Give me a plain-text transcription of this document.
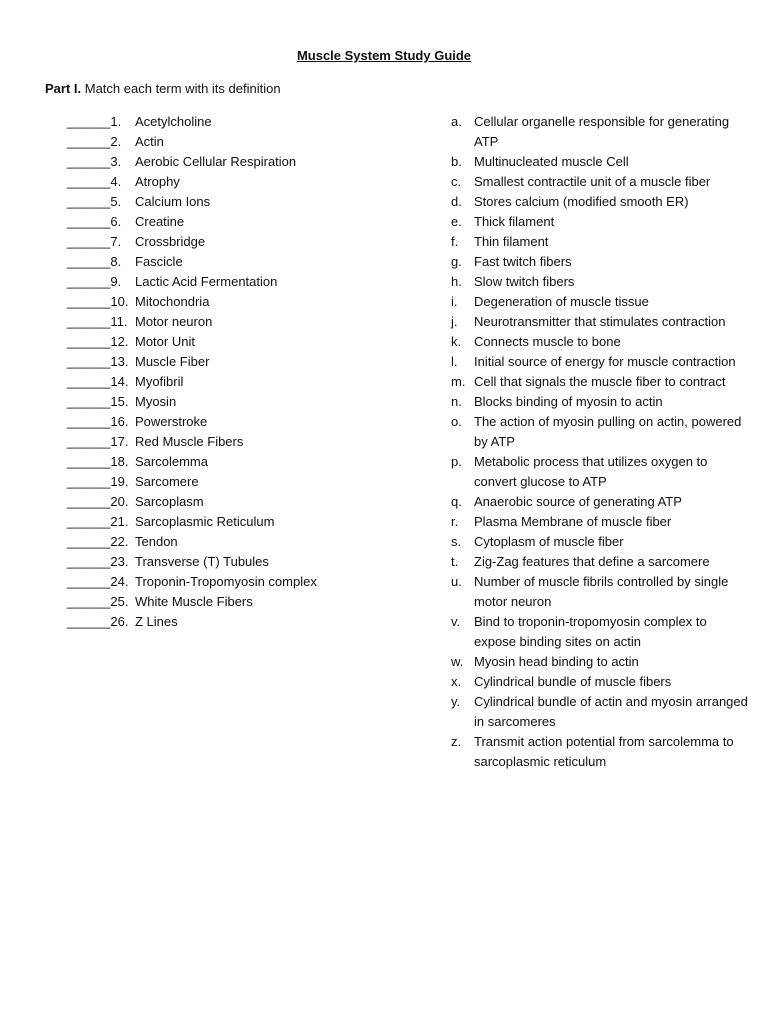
Muscle System Study Guide
Part I. Match each term with its definition
______1.	Acetylcholine
______2.	Actin
______3.	Aerobic Cellular Respiration
______4.	Atrophy
______5.	Calcium Ions
______6.	Creatine
______7.	Crossbridge
______8.	Fascicle
______9.	Lactic Acid Fermentation
______10. Mitochondria
______11. Motor neuron
______12. Motor Unit
______13. Muscle Fiber
______14. Myofibril
______15. Myosin
______16. Powerstroke
______17. Red Muscle Fibers
______18. Sarcolemma
______19. Sarcomere
______20. Sarcoplasm
______21. Sarcoplasmic Reticulum
______22. Tendon
______23. Transverse (T) Tubules
______24. Troponin-Tropomyosin complex
______25. White Muscle Fibers
______26. Z Lines
a. Cellular organelle responsible for generating ATP
b. Multinucleated muscle Cell
c. Smallest contractile unit of a muscle fiber
d. Stores calcium (modified smooth ER)
e. Thick filament
f.	Thin filament
g. Fast twitch fibers
h. Slow twitch fibers
i.	Degeneration of muscle tissue
j.	Neurotransmitter that stimulates contraction
k. Connects muscle to bone
l.	Initial source of energy for muscle contraction
m. Cell that signals the muscle fiber to contract
n. Blocks binding of myosin to actin
o. The action of myosin pulling on actin, powered by ATP
p. Metabolic process that utilizes oxygen to convert glucose to ATP
q. Anaerobic source of generating ATP
r.	Plasma Membrane of muscle fiber
s. Cytoplasm of muscle fiber
t.	Zig-Zag features that define a sarcomere
u. Number of muscle fibrils controlled by single motor neuron
v.	Bind to troponin-tropomyosin complex to expose binding sites on actin
w. Myosin head binding to actin
x. Cylindrical bundle of muscle fibers
y.	Cylindrical bundle of actin and myosin arranged in sarcomeres
z. Transmit action potential from sarcolemma to sarcoplasmic reticulum
